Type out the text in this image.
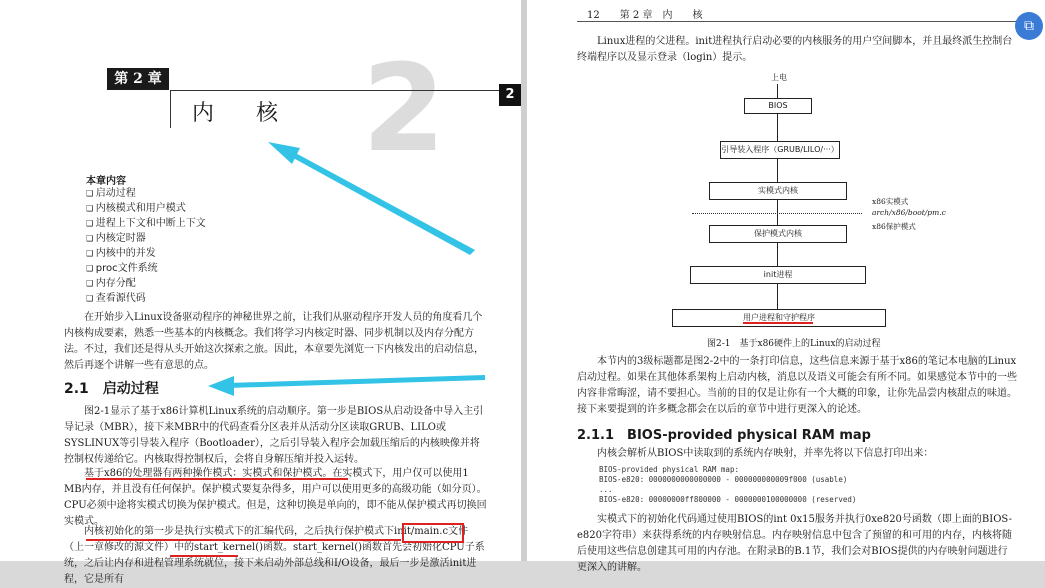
第 2 章 2
内核
本章内容
❑ 启动过程
❑ 内核模式和用户模式
❑ 进程上下文和中断上下文
❑ 内核定时器
❑ 内核中的并发
❑ proc文件系统
❑ 内存分配
❑ 查看源代码

在开始步入Linux设备驱动程序的神秘世界之前，让我们从驱动程序开发人员的角度看几个内核构成要素，熟悉一些基本的内核概念。我们将学习内核定时器、同步机制以及内存分配方法。不过，我们还是得从头开始这次探索之旅。因此，本章要先浏览一下内核发出的启动信息，然后再逐个讲解一些有意思的点。

2.1　 启动过程

图2-1显示了基于x86计算机Linux系统的启动顺序。第一步是BIOS从启动设备中导入主引导记录（MBR），接下来MBR中的代码查看分区表并从活动分区读取GRUB、LILO或SYSLINUX等引导装入程序（Bootloader），之后引导装入程序会加载压缩后的内核映像并将控制权传递给它。内核取得控制权后，会将自身解压缩并投入运转。

基于x86的处理器有两种操作模式：实模式和保护模式。在实模式下，用户仅可以使用1 MB内存，并且没有任何保护。保护模式要复杂得多，用户可以使用更多的高级功能（如分页）。CPU必须中途将实模式切换为保护模式。但是，这种切换是单向的，即不能从保护模式再切换回实模式。

内核初始化的第一步是执行实模式下的汇编代码，之后执行保护模式下init/main.c文件（上一章修改的源文件）中的start_kernel()函数。start_kernel()函数首先会初始化CPU子系统，之后让内存和进程管理系统就位，接下来启动外部总线和I/O设备，最后一步是激活init进程，它是所有

2
12　　第 2 章　内　　核

Linux进程的父进程。init进程执行启动必要的内核服务的用户空间脚本，并且最终派生控制台终端程序以及显示登录（login）提示。

上电
BIOS
引导装入程序（GRUB/LILO/···）
实模式内核
x86实模式
arch/x86/boot/pm.c
x86保护模式
保护模式内核
init进程
用户进程和守护程序
图2-1　基于x86硬件上的Linux的启动过程

本节内的3级标题都是图2-2中的一条打印信息，这些信息来源于基于x86的笔记本电脑的Linux启动过程。如果在其他体系架构上启动内核，消息以及语义可能会有所不同。如果感觉本节中的一些内容非常晦涩，请不要担心。当前的目的仅是让你有一个大概的印象，让你先品尝内核甜点的味道。接下来要提到的许多概念都会在以后的章节中进行更深入的论述。

2.1.1　 BIOS-provided physical RAM map

内核会解析从BIOS中读取到的系统内存映射，并率先将以下信息打印出来：

BIOS-provided physical RAM map:
BIOS-e820: 0000000000000000 - 000000000009f000 (usable)
...
BIOS-e820: 00000000ff800000 - 0000000100000000 (reserved)

实模式下的初始化代码通过使用BIOS的int 0x15服务并执行0xe820号函数（即上面的BIOS-e820字符串）来获得系统的内存映射信息。内存映射信息中包含了预留的和可用的内存，内核将随后使用这些信息创建其可用的内存池。在附录B的B.1节，我们会对BIOS提供的内存映射问题进行更深入的讲解。

⧉
